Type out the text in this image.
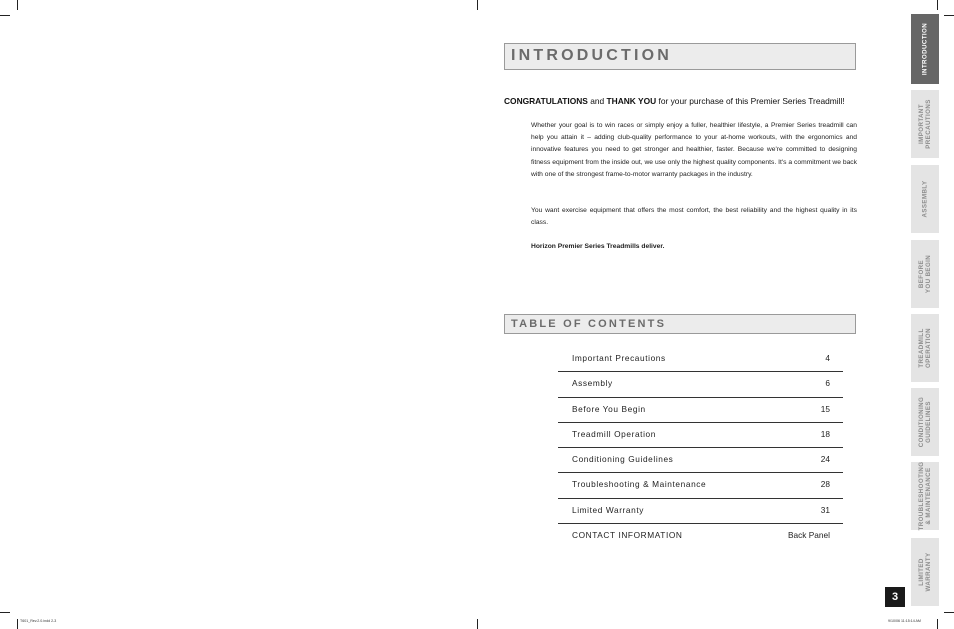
INTRODUCTION
CONGRATULATIONS and THANK YOU for your purchase of this Premier Series Treadmill!

Whether your goal is to win races or simply enjoy a fuller, healthier lifestyle, a Premier Series treadmill can help you attain it – adding club-quality performance to your at-home workouts, with the ergonomics and innovative features you need to get stronger and healthier, faster. Because we're committed to designing fitness equipment from the inside out, we use only the highest quality components. It's a commitment we back with one of the strongest frame-to-motor warranty packages in the industry.

You want exercise equipment that offers the most comfort, the best reliability and the highest quality in its class.

Horizon Premier Series Treadmills deliver.

TABLE OF CONTENTS
Important Precautions	4
Assembly	6
Before You Begin	15
Treadmill Operation	18
Conditioning Guidelines	24
Troubleshooting & Maintenance	28
Limited Warranty	31
CONTACT INFORMATION	Back Panel
INTRODUCTION

IMPORTANT
PRECAUTIONS
ASSEMBLY

BEFORE
YOU BEGIN
TREADMILL
OPERATION
CONDITIONING
GUIDELINES
TROUBLESHOOTING
& MAINTENANCE
LIMITED
WARRANTY
3
T601_Rev.2.0.indd 2-3	9/10/06 11:15:14 AM
